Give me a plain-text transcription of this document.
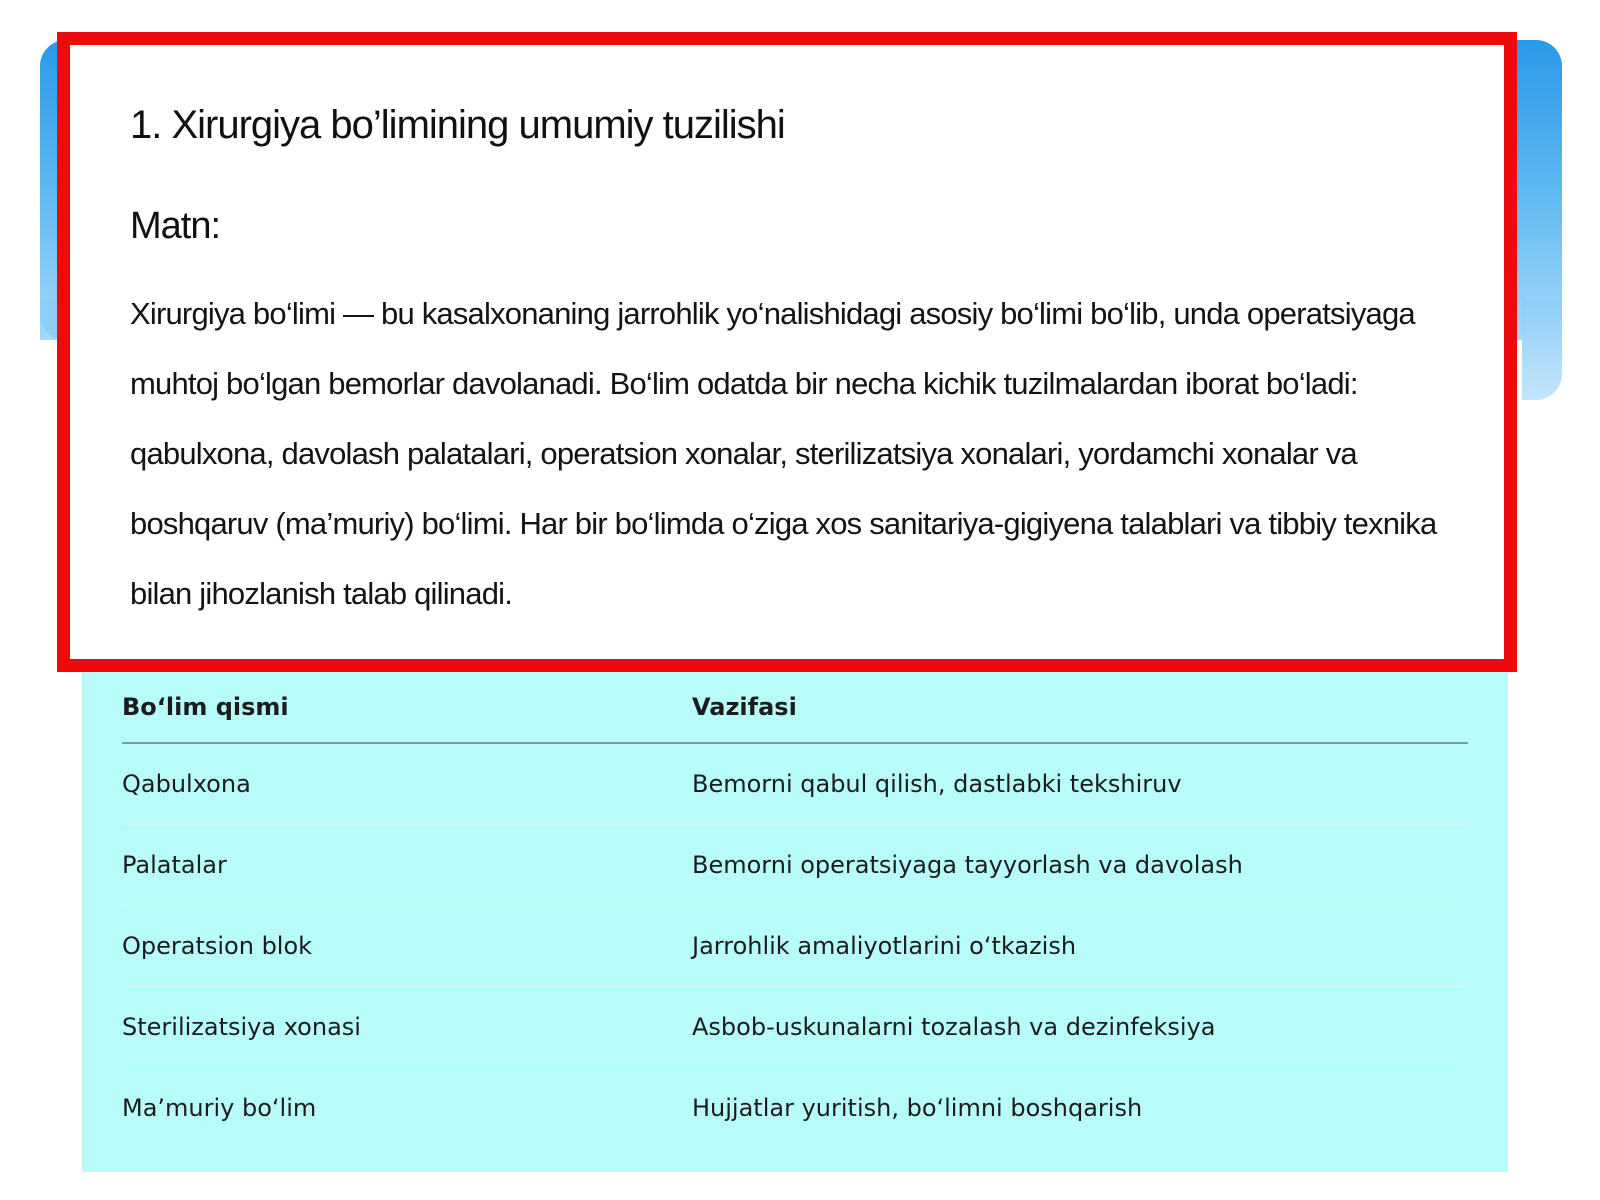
1. Xirurgiya bo’limining umumiy tuzilishi
Matn:

Xirurgiya bo‘limi — bu kasalxonaning jarrohlik yo‘nalishidagi asosiy bo‘limi bo‘lib, unda operatsiyaga muhtoj bo‘lgan bemorlar davolanadi. Bo‘lim odatda bir necha kichik tuzilmalardan iborat bo‘ladi: qabulxona, davolash palatalari, operatsion xonalar, sterilizatsiya xonalari, yordamchi xonalar va boshqaruv (ma’muriy) bo‘limi. Har bir bo‘limda o‘ziga xos sanitariya-gigiyena talablari va tibbiy texnika bilan jihozlanish talab qilinadi.

Bo‘lim qismi	Vazifasi
Qabulxona	Bemorni qabul qilish, dastlabki tekshiruv
Palatalar	Bemorni operatsiyaga tayyorlash va davolash
Operatsion blok	Jarrohlik amaliyotlarini o‘tkazish
Sterilizatsiya xonasi	Asbob-uskunalarni tozalash va dezinfeksiya
Ma’muriy bo‘lim	Hujjatlar yuritish, bo‘limni boshqarish
